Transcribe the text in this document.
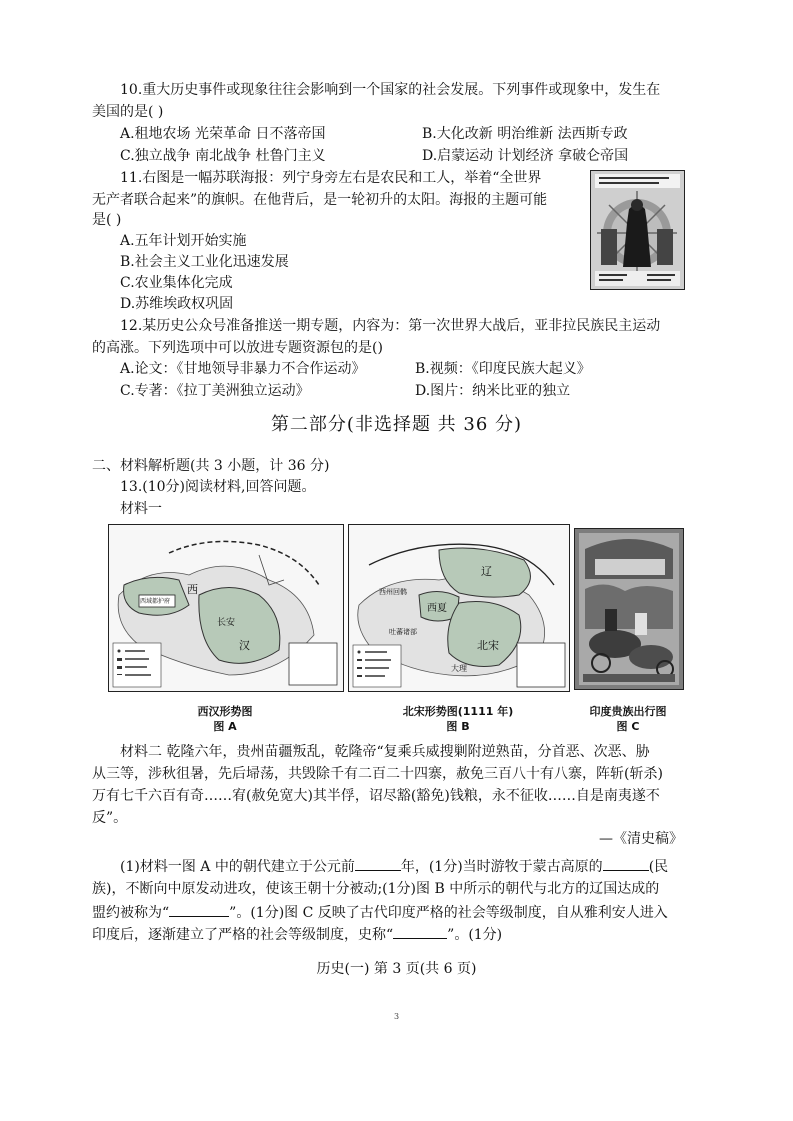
10.重大历史事件或现象往往会影响到一个国家的社会发展。下列事件或现象中，发生在
美国的是( )
A.租地农场 光荣革命 日不落帝国	B.大化改新 明治维新 法西斯专政
C.独立战争 南北战争 杜鲁门主义	D.启蒙运动 计划经济 拿破仑帝国
11.右图是一幅苏联海报：列宁身旁左右是农民和工人，举着“全世界
无产者联合起来”的旗帜。在他背后，是一轮初升的太阳。海报的主题可能
是( )
A.五年计划开始实施
B.社会主义工业化迅速发展
C.农业集体化完成
D.苏维埃政权巩固
12.某历史公众号准备推送一期专题，内容为：第一次世界大战后，亚非拉民族民主运动
的高涨。下列选项中可以放进专题资源包的是()
A.论文：《甘地领导非暴力不合作运动》	B.视频：《印度民族大起义》
C.专著：《拉丁美洲独立运动》	D.图片：纳米比亚的独立
第二部分(非选择题 共 36 分)
二、材料解析题(共 3 小题，计 36 分)
13.(10分)阅读材料,回答问题。
材料一
西
长安
汉
西域都护府
辽
西夏
北宋
大理
吐蕃诸部
西州回鹘
西汉形势图
图 A
北宋形势图(1111 年)
图 B
印度贵族出行图
图 C
材料二 乾隆六年，贵州苗疆叛乱，乾隆帝“复乘兵威搜剿附逆熟苗，分首恶、次恶、胁
从三等，涉秋徂暑，先后埽荡，共毁除千有二百二十四寨，赦免三百八十有八寨，阵斩(斩杀)
万有七千六百有奇……宥(赦免宽大)其半俘，诏尽豁(豁免)钱粮，永不征收……自是南夷遂不
反”。
—《清史稿》
(1)材料一图 A 中的朝代建立于公元前	年，(1分)当时游牧于蒙古高原的	(民
族)，不断向中原发动进攻，使该王朝十分被动;(1分)图 B 中所示的朝代与北方的辽国达成的
盟约被称为“	”。(1分)图 C 反映了古代印度严格的社会等级制度，自从雅利安人进入
印度后，逐渐建立了严格的社会等级制度，史称“	”。(1分)
历史(一) 第 3 页(共 6 页)
3
